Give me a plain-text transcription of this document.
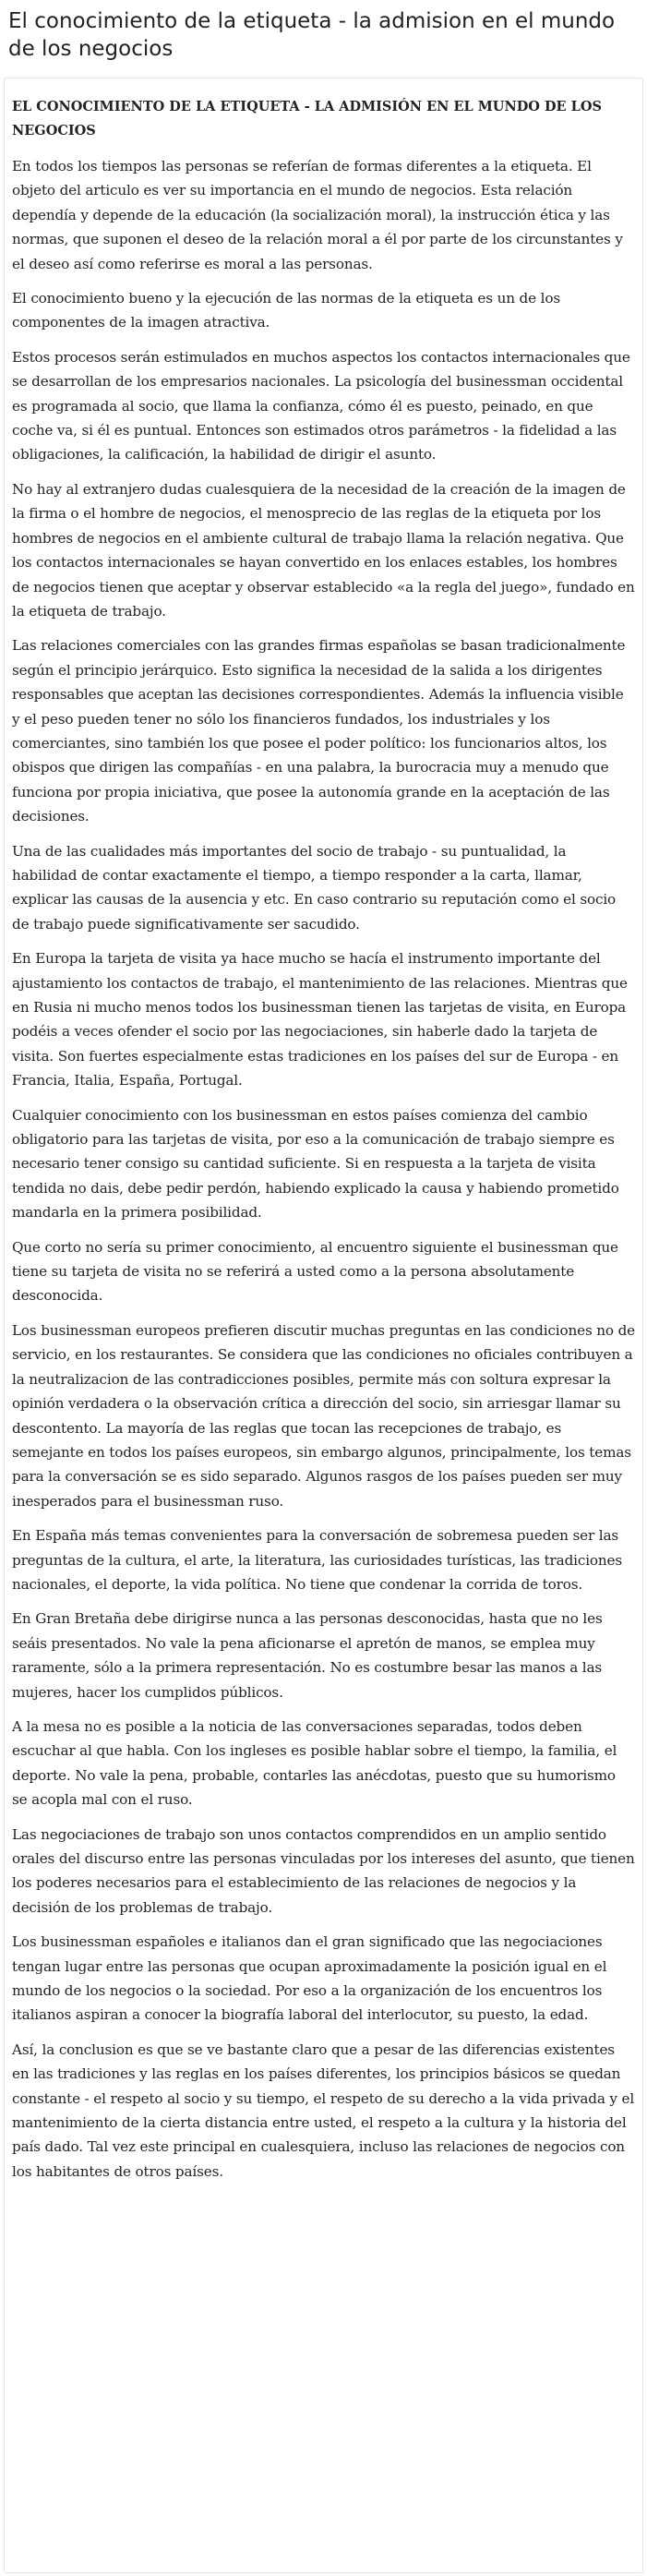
El conocimiento de la etiqueta - la admision en el mundo de los negocios
EL CONOCIMIENTO DE LA ETIQUETA - LA ADMISIÓN EN EL MUNDO DE LOS NEGOCIOS

En todos los tiempos las personas se referían de formas diferentes a la etiqueta. El objeto del articulo es ver su importancia en el mundo de negocios. Esta relación dependía y depende de la educación (la socialización moral), la instrucción ética y las normas, que suponen el deseo de la relación moral a él por parte de los circunstantes y el deseo así como referirse es moral a las personas.

El conocimiento bueno y la ejecución de las normas de la etiqueta es un de los componentes de la imagen atractiva.

Estos procesos serán estimulados en muchos aspectos los contactos internacionales que se desarrollan de los empresarios nacionales. La psicología del businessman occidental es programada al socio, que llama la confianza, cómo él es puesto, peinado, en que coche va, si él es puntual. Entonces son estimados otros parámetros - la fidelidad a las obligaciones, la calificación, la habilidad de dirigir el asunto.

No hay al extranjero dudas cualesquiera de la necesidad de la creación de la imagen de la firma o el hombre de negocios, el menosprecio de las reglas de la etiqueta por los hombres de negocios en el ambiente cultural de trabajo llama la relación negativa. Que los contactos internacionales se hayan convertido en los enlaces estables, los hombres de negocios tienen que aceptar y observar establecido «a la regla del juego», fundado en la etiqueta de trabajo.

Las relaciones comerciales con las grandes firmas españolas se basan tradicionalmente según el principio jerárquico. Esto significa la necesidad de la salida a los dirigentes responsables que aceptan las decisiones correspondientes. Además la influencia visible y el peso pueden tener no sólo los financieros fundados, los industriales y los comerciantes, sino también los que posee el poder político: los funcionarios altos, los obispos que dirigen las compañías - en una palabra, la burocracia muy a menudo que funciona por propia iniciativa, que posee la autonomía grande en la aceptación de las decisiones.

Una de las cualidades más importantes del socio de trabajo - su puntualidad, la habilidad de contar exactamente el tiempo, a tiempo responder a la carta, llamar, explicar las causas de la ausencia y etc. En caso contrario su reputación como el socio de trabajo puede significativamente ser sacudido.

En Europa la tarjeta de visita ya hace mucho se hacía el instrumento importante del ajustamiento los contactos de trabajo, el mantenimiento de las relaciones. Mientras que en Rusia ni mucho menos todos los businessman tienen las tarjetas de visita, en Europa podéis a veces ofender el socio por las negociaciones, sin haberle dado la tarjeta de visita. Son fuertes especialmente estas tradiciones en los países del sur de Europa - en Francia, Italia, España, Portugal.

Cualquier conocimiento con los businessman en estos países comienza del cambio obligatorio para las tarjetas de visita, por eso a la comunicación de trabajo siempre es necesario tener consigo su cantidad suficiente. Si en respuesta a la tarjeta de visita tendida no dais, debe pedir perdón, habiendo explicado la causa y habiendo prometido mandarla en la primera posibilidad.

Que corto no sería su primer conocimiento, al encuentro siguiente el businessman que tiene su tarjeta de visita no se referirá a usted como a la persona absolutamente desconocida.

Los businessman europeos prefieren discutir muchas preguntas en las condiciones no de servicio, en los restaurantes. Se considera que las condiciones no oficiales contribuyen a la neutralizacion de las contradicciones posibles, permite más con soltura expresar la opinión verdadera o la observación crítica a dirección del socio, sin arriesgar llamar su descontento. La mayoría de las reglas que tocan las recepciones de trabajo, es semejante en todos los países europeos, sin embargo algunos, principalmente, los temas para la conversación se es sido separado. Algunos rasgos de los países pueden ser muy inesperados para el businessman ruso.

En España más temas convenientes para la conversación de sobremesa pueden ser las preguntas de la cultura, el arte, la literatura, las curiosidades turísticas, las tradiciones nacionales, el deporte, la vida política. No tiene que condenar la corrida de toros.

En Gran Bretaña debe dirigirse nunca a las personas desconocidas, hasta que no les seáis presentados. No vale la pena aficionarse el apretón de manos, se emplea muy raramente, sólo a la primera representación. No es costumbre besar las manos a las mujeres, hacer los cumplidos públicos.

A la mesa no es posible a la noticia de las conversaciones separadas, todos deben escuchar al que habla. Con los ingleses es posible hablar sobre el tiempo, la familia, el deporte. No vale la pena, probable, contarles las anécdotas, puesto que su humorismo se acopla mal con el ruso.

Las negociaciones de trabajo son unos contactos comprendidos en un amplio sentido orales del discurso entre las personas vinculadas por los intereses del asunto, que tienen los poderes necesarios para el establecimiento de las relaciones de negocios y la decisión de los problemas de trabajo.

Los businessman españoles e italianos dan el gran significado que las negociaciones tengan lugar entre las personas que ocupan aproximadamente la posición igual en el mundo de los negocios o la sociedad. Por eso a la organización de los encuentros los italianos aspiran a conocer la biografía laboral del interlocutor, su puesto, la edad.

Así, la conclusion es que se ve bastante claro que a pesar de las diferencias existentes en las tradiciones y las reglas en los países diferentes, los principios básicos se quedan constante - el respeto al socio y su tiempo, el respeto de su derecho a la vida privada y el mantenimiento de la cierta distancia entre usted, el respeto a la cultura y la historia del país dado. Tal vez este principal en cualesquiera, incluso las relaciones de negocios con los habitantes de otros países.
